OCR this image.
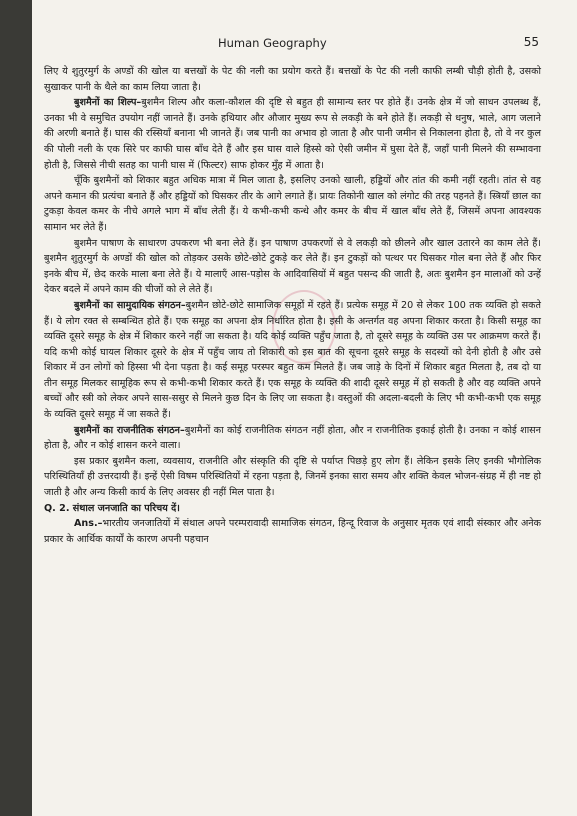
Human Geography	55

लिए ये शुतुरमुर्ग के अण्डों की खोल या बत्तखों के पेट की नली का प्रयोग करते हैं। बत्तखों के पेट की नली काफी लम्बी चौड़ी होती है, उसको सुखाकर पानी के थैले का काम लिया जाता है।

बुशमैनों का शिल्प–बुशमैन शिल्प और कला-कौशल की दृष्टि से बहुत ही सामान्य स्तर पर होते हैं। उनके क्षेत्र में जो साधन उपलब्ध हैं, उनका भी वे समुचित उपयोग नहीं जानते हैं। उनके हथियार और औजार मुख्य रूप से लकड़ी के बने होते हैं। लकड़ी से धनुष, भाले, आग जलाने की अरणी बनाते हैं। घास की रस्सियाँ बनाना भी जानते हैं। जब पानी का अभाव हो जाता है और पानी जमीन से निकालना होता है, तो वे नर कुल की पोली नली के एक सिरे पर काफी घास बाँध देते हैं और इस घास वाले हिस्से को ऐसी जमीन में घुसा देते हैं, जहाँ पानी मिलने की सम्भावना होती है, जिससे नीची सतह का पानी घास में (फिल्टर) साफ होकर मुँह में आता है।

चूँकि बुशमैनों को शिकार बहुत अधिक मात्रा में मिल जाता है, इसलिए उनको खाली, हड्डियों और तांत की कमी नहीं रहती। तांत से वह अपने कमान की प्रत्यंचा बनाते हैं और हड्डियों को घिसकर तीर के आगे लगाते हैं। प्रायः तिकोनी खाल को लंगोट की तरह पहनते हैं। स्त्रियाँ छाल का टुकड़ा केवल कमर के नीचे अगले भाग में बाँध लेती हैं। ये कभी-कभी कन्धे और कमर के बीच में खाल बाँध लेते हैं, जिसमें अपना आवश्यक सामान भर लेते हैं।

बुशमैन पाषाण के साधारण उपकरण भी बना लेते हैं। इन पाषाण उपकरणों से वे लकड़ी को छीलने और खाल उतारने का काम लेते हैं। बुशमैन शुतुरमुर्ग के अण्डों की खोल को तोड़कर उसके छोटे-छोटे टुकड़े कर लेते हैं। इन टुकड़ों को पत्थर पर घिसकर गोल बना लेते हैं और फिर इनके बीच में, छेद करके माला बना लेते हैं। ये मालाएँ आस-पड़ोस के आदिवासियों में बहुत पसन्द की जाती है, अतः बुशमैन इन मालाओं को उन्हें देकर बदले में अपने काम की चीजों को ले लेते हैं।

बुशमैनों का सामुदायिक संगठन–बुशमैन छोटे-छोटे सामाजिक समूहों में रहते हैं। प्रत्येक समूह में 20 से लेकर 100 तक व्यक्ति हो सकते हैं। ये लोग रक्त से सम्बन्धित होते हैं। एक समूह का अपना क्षेत्र निर्धारित होता है। इसी के अन्तर्गत वह अपना शिकार करता है। किसी समूह का व्यक्ति दूसरे समूह के क्षेत्र में शिकार करने नहीं जा सकता है। यदि कोई व्यक्ति पहुँच जाता है, तो दूसरे समूह के व्यक्ति उस पर आक्रमण करते हैं। यदि कभी कोई घायल शिकार दूसरे के क्षेत्र में पहुँच जाय तो शिकारी को इस बात की सूचना दूसरे समूह के सदस्यों को देनी होती है और उसे शिकार में उन लोगों को हिस्सा भी देना पड़ता है। कई समूह परस्पर बहुत कम मिलते हैं। जब जाड़े के दिनों में शिकार बहुत मिलता है, तब दो या तीन समूह मिलकर सामूहिक रूप से कभी-कभी शिकार करते हैं। एक समूह के व्यक्ति की शादी दूसरे समूह में हो सकती है और वह व्यक्ति अपने बच्चों और स्त्री को लेकर अपने सास-ससुर से मिलने कुछ दिन के लिए जा सकता है। वस्तुओं की अदला-बदली के लिए भी कभी-कभी एक समूह के व्यक्ति दूसरे समूह में जा सकते हैं।

बुशमैनों का राजनीतिक संगठन–बुशमैनों का कोई राजनीतिक संगठन नहीं होता, और न राजनीतिक इकाई होती है। उनका न कोई शासन होता है, और न कोई शासन करने वाला।

इस प्रकार बुशमैन कला, व्यवसाय, राजनीति और संस्कृति की दृष्टि से पर्याप्त पिछड़े हुए लोग हैं। लेकिन इसके लिए इनकी भौगोलिक परिस्थितियाँ ही उत्तरदायी हैं। इन्हें ऐसी विषम परिस्थितियों में रहना पड़ता है, जिनमें इनका सारा समय और शक्ति केवल भोजन-संग्रह में ही नष्ट हो जाती है और अन्य किसी कार्य के लिए अवसर ही नहीं मिल पाता है।

Q. 2. संथाल जनजाति का परिचय दें।

Ans.–भारतीय जनजातियों में संथाल अपने परम्परावादी सामाजिक संगठन, हिन्दू रिवाज के अनुसार मृतक एवं शादी संस्कार और अनेक प्रकार के आर्थिक कार्यों के कारण अपनी पहचान
